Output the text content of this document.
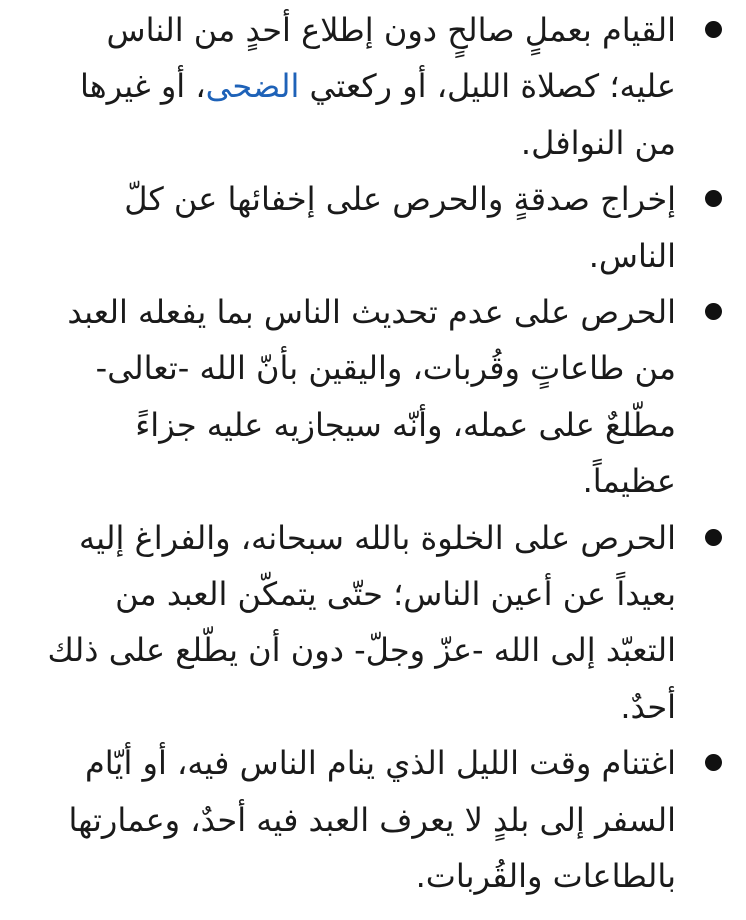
القيام بعملٍ صالحٍ دون إطلاع أحدٍ من الناس عليه؛ كصلاة الليل، أو ركعتي الضحى، أو غيرها من النوافل.
إخراج صدقةٍ والحرص على إخفائها عن كلّ الناس.
الحرص على عدم تحديث الناس بما يفعله العبد من طاعاتٍ وقُربات، واليقين بأنّ الله -تعالى- مطّلعٌ على عمله، وأنّه سيجازيه عليه جزاءً عظيماً.
الحرص على الخلوة بالله سبحانه، والفراغ إليه بعيداً عن أعين الناس؛ حتّى يتمكّن العبد من التعبّد إلى الله -عزّ وجلّ- دون أن يطّلع على ذلك أحدٌ.
اغتنام وقت الليل الذي ينام الناس فيه، أو أيّام السفر إلى بلدٍ لا يعرف العبد فيه أحدٌ، وعمارتها بالطاعات والقُربات.
